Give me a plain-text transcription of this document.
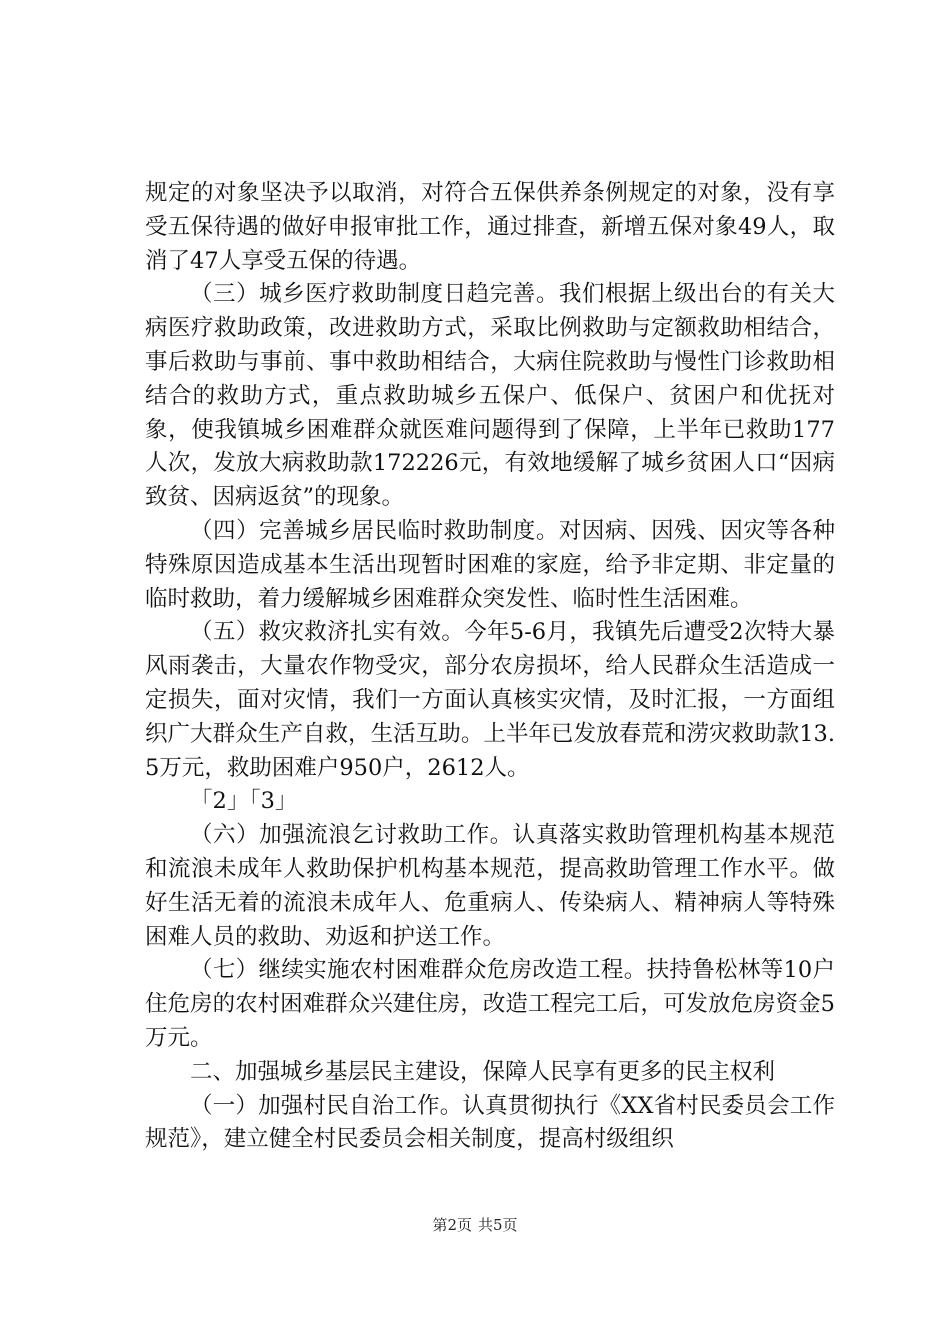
规定的对象坚决予以取消，对符合五保供养条例规定的对象，没有享受五保待遇的做好申报审批工作，通过排查，新增五保对象49人，取消了47人享受五保的待遇。

（三）城乡医疗救助制度日趋完善。我们根据上级出台的有关大病医疗救助政策，改进救助方式，采取比例救助与定额救助相结合，事后救助与事前、事中救助相结合，大病住院救助与慢性门诊救助相结合的救助方式，重点救助城乡五保户、低保户、贫困户和优抚对象，使我镇城乡困难群众就医难问题得到了保障，上半年已救助177人次，发放大病救助款172226元，有效地缓解了城乡贫困人口“因病致贫、因病返贫”的现象。

（四）完善城乡居民临时救助制度。对因病、因残、因灾等各种特殊原因造成基本生活出现暂时困难的家庭，给予非定期、非定量的临时救助，着力缓解城乡困难群众突发性、临时性生活困难。

（五）救灾救济扎实有效。今年5-6月，我镇先后遭受2次特大暴风雨袭击，大量农作物受灾，部分农房损坏，给人民群众生活造成一定损失，面对灾情，我们一方面认真核实灾情，及时汇报，一方面组织广大群众生产自救，生活互助。上半年已发放春荒和涝灾救助款13.5万元，救助困难户950户，2612人。

「2」「3」

（六）加强流浪乞讨救助工作。认真落实救助管理机构基本规范和流浪未成年人救助保护机构基本规范，提高救助管理工作水平。做好生活无着的流浪未成年人、危重病人、传染病人、精神病人等特殊困难人员的救助、劝返和护送工作。

（七）继续实施农村困难群众危房改造工程。扶持鲁松林等10户住危房的农村困难群众兴建住房，改造工程完工后，可发放危房资金5万元。

二、加强城乡基层民主建设，保障人民享有更多的民主权利

（一）加强村民自治工作。认真贯彻执行《XX省村民委员会工作规范》，建立健全村民委员会相关制度，提高村级组织

第2页 共5页
